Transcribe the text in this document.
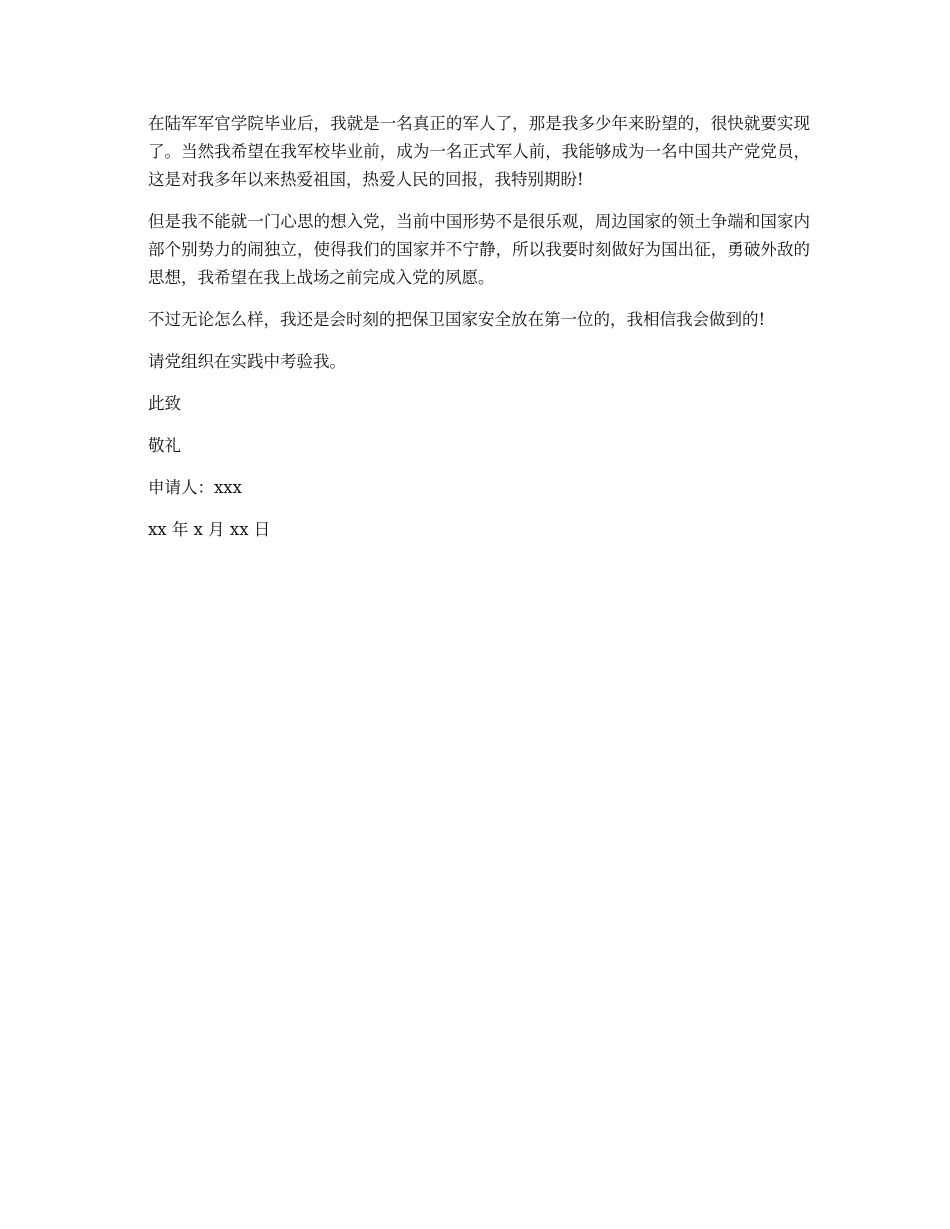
在陆军军官学院毕业后，我就是一名真正的军人了，那是我多少年来盼望的，很快就要实现了。当然我希望在我军校毕业前，成为一名正式军人前，我能够成为一名中国共产党党员，这是对我多年以来热爱祖国，热爱人民的回报，我特别期盼!

但是我不能就一门心思的想入党，当前中国形势不是很乐观，周边国家的领土争端和国家内部个别势力的闹独立，使得我们的国家并不宁静，所以我要时刻做好为国出征，勇破外敌的思想，我希望在我上战场之前完成入党的夙愿。

不过无论怎么样，我还是会时刻的把保卫国家安全放在第一位的，我相信我会做到的!

请党组织在实践中考验我。

此致

敬礼

申请人：xxx

xx 年 x 月 xx 日
